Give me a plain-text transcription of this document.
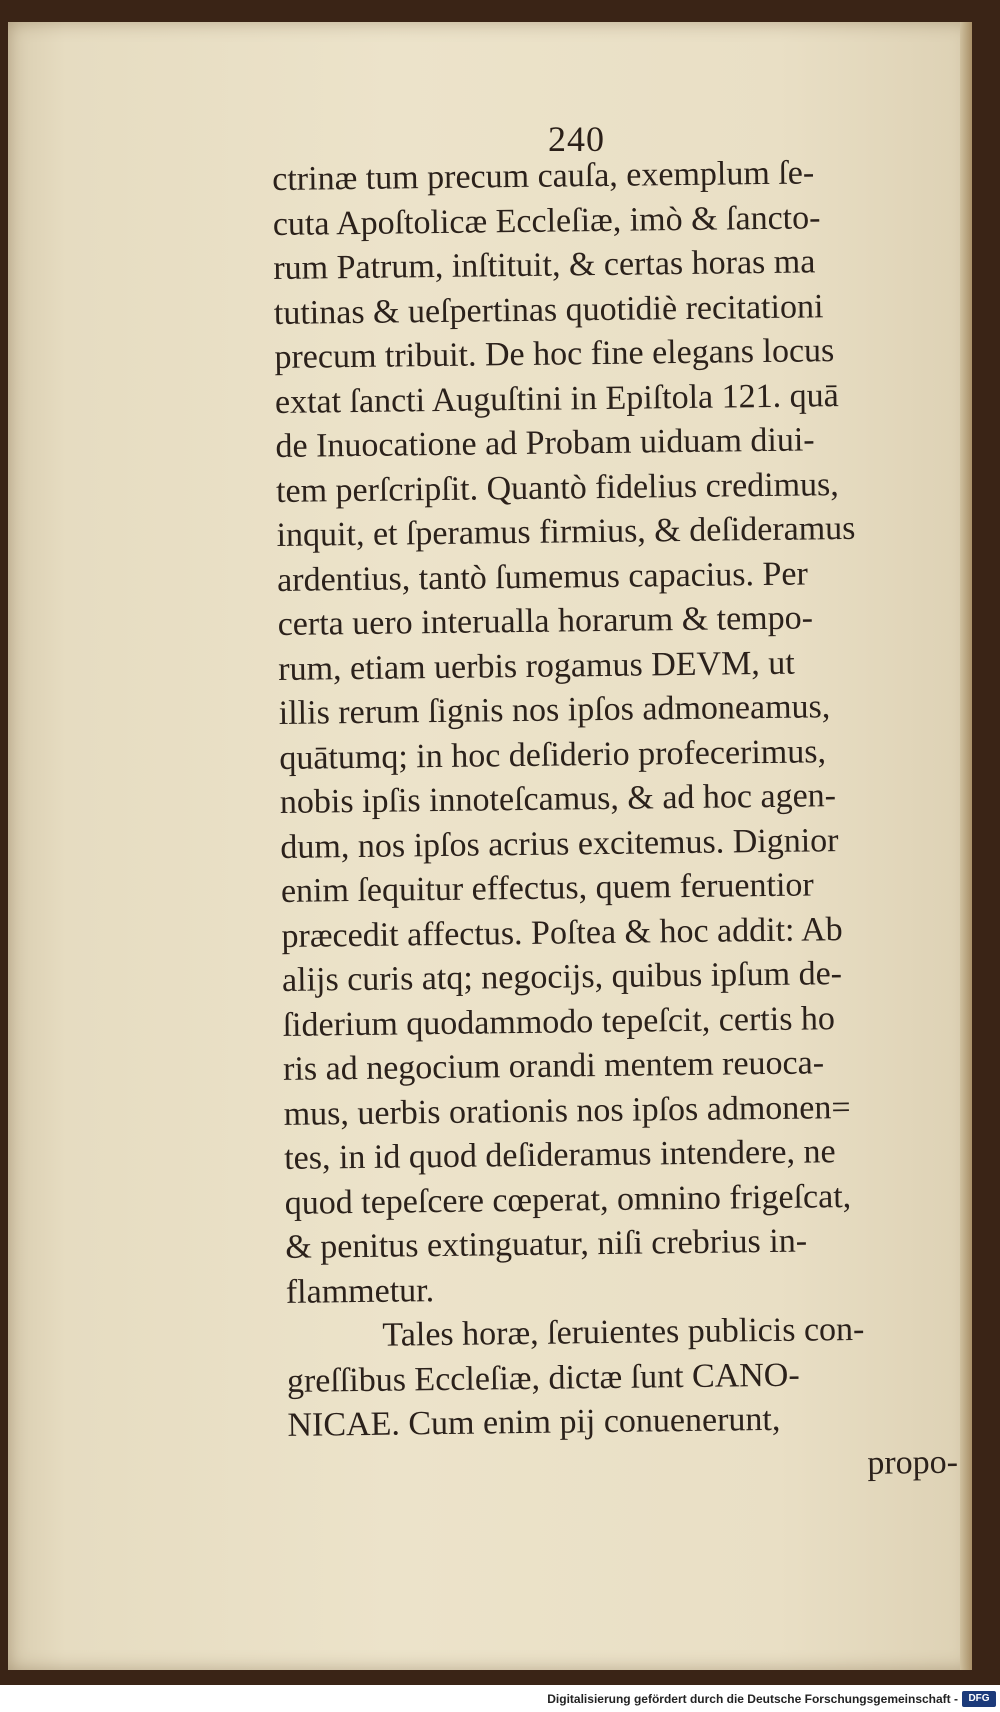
240
ctrinæ tum precum cauſa, exemplum ſe-
cuta Apoſtolicæ Eccleſiæ, imò & ſancto-
rum Patrum, inſtituit, & certas horas ma
tutinas & ueſpertinas quotidiè recitationi
precum tribuit. De hoc fine elegans locus
extat ſancti Auguſtini in Epiſtola 121. quā
de Inuocatione ad Probam uiduam diui-
tem perſcripſit. Quantò fidelius credimus,
inquit, et ſperamus firmius, & deſideramus
ardentius, tantò ſumemus capacius. Per
certa uero interualla horarum & tempo-
rum, etiam uerbis rogamus DEVM, ut
illis rerum ſignis nos ipſos admoneamus,
quātumq; in hoc deſiderio profecerimus,
nobis ipſis innoteſcamus, & ad hoc agen-
dum, nos ipſos acrius excitemus. Dignior
enim ſequitur effectus, quem feruentior
præcedit affectus. Poſtea & hoc addit: Ab
alijs curis atq; negocijs, quibus ipſum de-
ſiderium quodammodo tepeſcit, certis ho
ris ad negocium orandi mentem reuoca-
mus, uerbis orationis nos ipſos admonen=
tes, in id quod deſideramus intendere, ne
quod tepeſcere cœperat, omnino frigeſcat,
& penitus extinguatur, niſi crebrius in-
flammetur.
Tales horæ, ſeruientes publicis con-
greſſibus Eccleſiæ, dictæ ſunt CANO-
NICAE. Cum enim pij conuenerunt,
propo-
Digitalisierung gefördert durch die Deutsche Forschungsgemeinschaft -	DFG
